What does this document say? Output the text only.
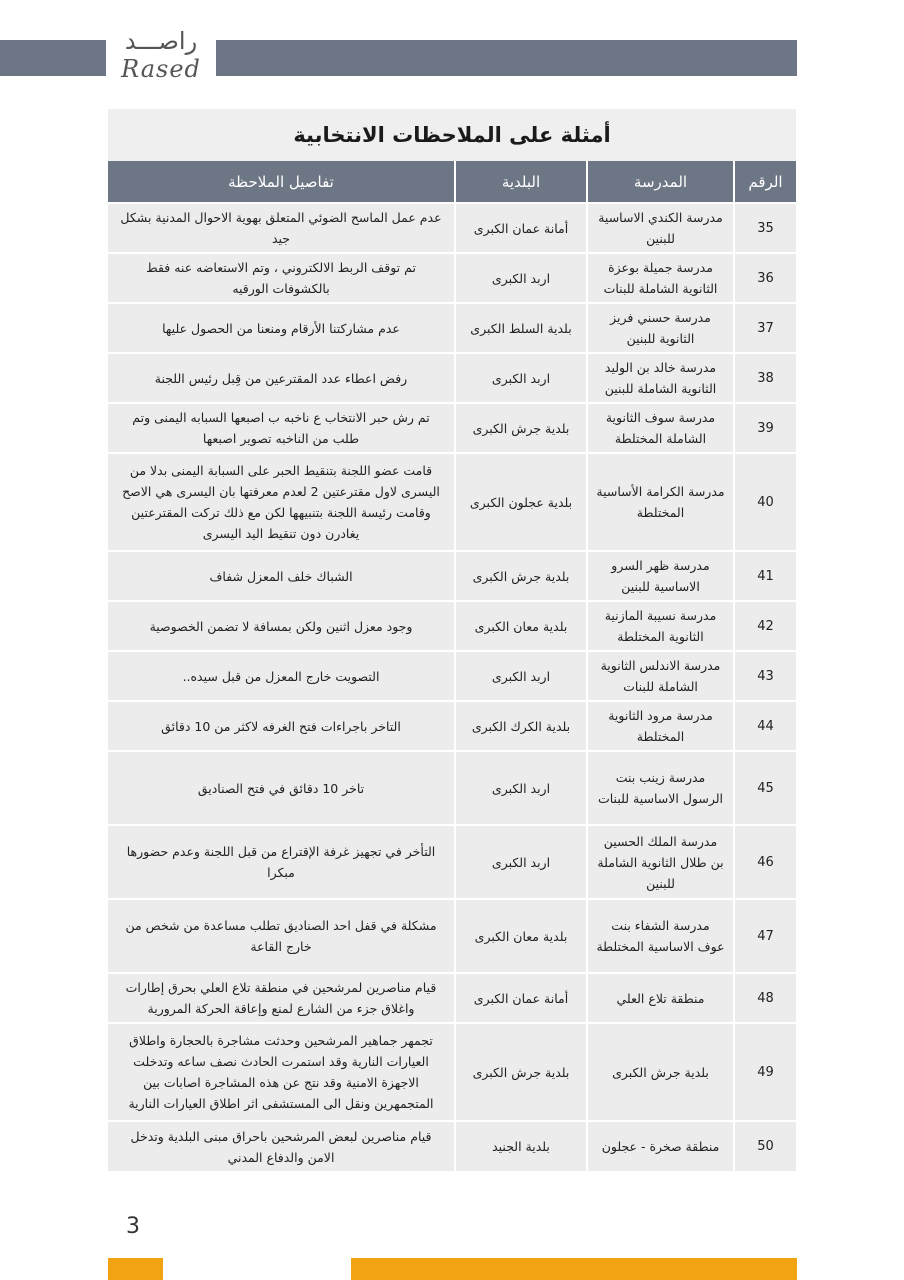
راصـــد
Rased
أمثلة على الملاحظات الانتخابية
الرقم	المدرسة	البلدية	تفاصيل الملاحظة
35	مدرسة الكندي الاساسية للبنين	أمانة عمان الكبرى	عدم عمل الماسح الضوئي المتعلق بهوية الاحوال المدنية بشكل جيد
36	مدرسة جميلة بوعزة الثانوية الشاملة للبنات	اربد الكبرى	تم توقف الربط الالكتروني ، وتم الاستعاضه عنه فقط بالكشوفات الورقيه
37	مدرسة حسني فريز الثانوية للبنين	بلدية السلط الكبرى	عدم مشاركتنا الأرقام ومنعنا من الحصول عليها
38	مدرسة خالد بن الوليد الثانوية الشاملة للبنين	اربد الكبرى	رفض اعطاء عدد المقترعين من قِبل رئيس اللجنة
39	مدرسة سوف الثانوية الشاملة المختلطة	بلدية جرش الكبرى	تم رش حبر الانتخاب ع ناخبه ب اصبعها السبابه اليمنى وتم طلب من الناخبه تصوير اصبعها
40	مدرسة الكرامة الأساسية المختلطة	بلدية عجلون الكبرى	قامت عضو اللجنة بتنقيط الحبر على السبابة اليمنى بدلا من اليسرى لاول مقترعتين 2 لعدم معرفتها بان اليسرى هي الاصح وقامت رئيسة اللجنة بتنبيهها لكن مع ذلك تركت المقترعتين يغادرن دون تنقيط اليد اليسرى
41	مدرسة ظهر السرو الاساسية للبنين	بلدية جرش الكبرى	الشباك خلف المعزل شفاف
42	مدرسة نسيبة المازنية الثانوية المختلطة	بلدية معان الكبرى	وجود معزل اثنين ولكن بمسافة لا تضمن الخصوصية
43	مدرسة الاندلس الثانوية الشاملة للبنات	اربد الكبرى	التصويت خارج المعزل من قبل سيده..
44	مدرسة مرود الثانوية المختلطة	بلدية الكرك الكبرى	التاخر باجراءات فتح الغرفه لاكثر من 10 دقائق
45	مدرسة زينب بنت الرسول الاساسية للبنات	اربد الكبرى	تاخر 10 دقائق في فتح الصناديق
46	مدرسة الملك الحسين بن طلال الثانوية الشاملة للبنين	اربد الكبرى	التأخر في تجهيز غرفة الإقتراع من قبل اللجنة وعدم حضورها مبكرا
47	مدرسة الشفاء بنت عوف الاساسية المختلطة	بلدية معان الكبرى	مشكلة في قفل احد الصناديق تطلب مساعدة من شخص من خارج القاعة
48	منطقة تلاع العلي	أمانة عمان الكبرى	قيام مناصرين لمرشحين في منطقة تلاع العلي بحرق إطارات واغلاق جزء من الشارع لمنع وإعاقة الحركة المرورية
49	بلدية جرش الكبرى	بلدية جرش الكبرى	تجمهر جماهير المرشحين وحدثت مشاجرة بالحجارة واطلاق العيارات النارية وقد استمرت الحادث نصف ساعه وتدخلت الاجهزة الامنية وقد نتج عن هذه المشاجرة اصابات بين المتجمهرين ونقل الى المستشفى اثر اطلاق العيارات النارية
50	منطقة صخرة - عجلون	بلدية الجنيد	قيام مناصرين لبعض المرشحين باحراق مبنى البلدية وتدخل الامن والدفاع المدني
3
